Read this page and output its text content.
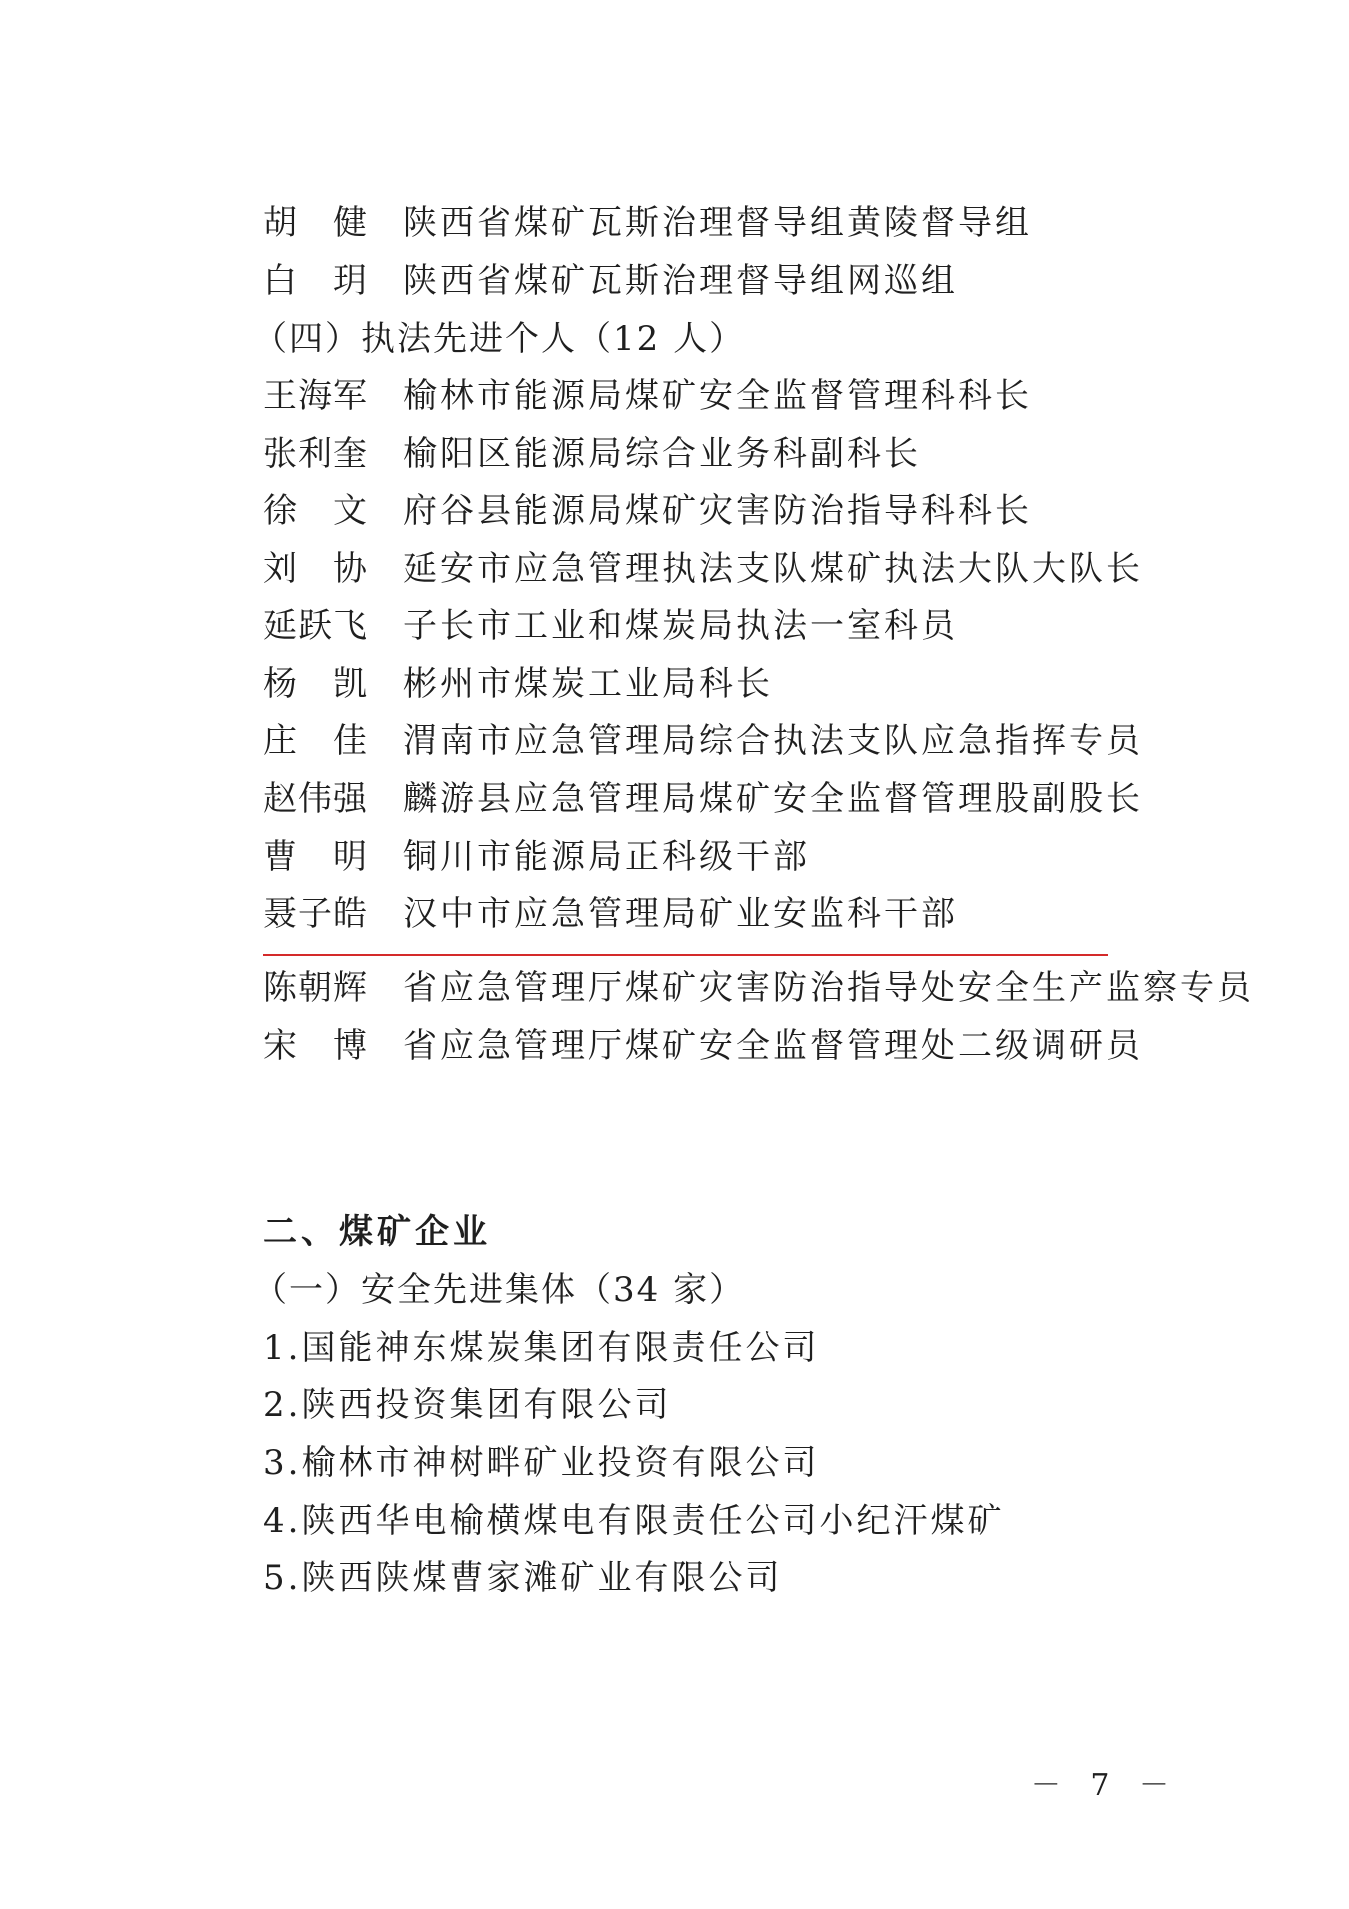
胡　健 陕西省煤矿瓦斯治理督导组黄陵督导组
白　玥 陕西省煤矿瓦斯治理督导组网巡组
（四）执法先进个人（12 人）
王海军 榆林市能源局煤矿安全监督管理科科长
张利奎 榆阳区能源局综合业务科副科长
徐　文 府谷县能源局煤矿灾害防治指导科科长
刘　协 延安市应急管理执法支队煤矿执法大队大队长
延跃飞 子长市工业和煤炭局执法一室科员
杨　凯 彬州市煤炭工业局科长
庄　佳 渭南市应急管理局综合执法支队应急指挥专员
赵伟强 麟游县应急管理局煤矿安全监督管理股副股长
曹　明 铜川市能源局正科级干部
聂子皓 汉中市应急管理局矿业安监科干部
陈朝辉 省应急管理厅煤矿灾害防治指导处安全生产监察专员
宋　博 省应急管理厅煤矿安全监督管理处二级调研员
二、煤矿企业
（一）安全先进集体（34 家）
1.国能神东煤炭集团有限责任公司
2.陕西投资集团有限公司
3.榆林市神树畔矿业投资有限公司
4.陕西华电榆横煤电有限责任公司小纪汗煤矿
5.陕西陕煤曹家滩矿业有限公司
－ 7 －
